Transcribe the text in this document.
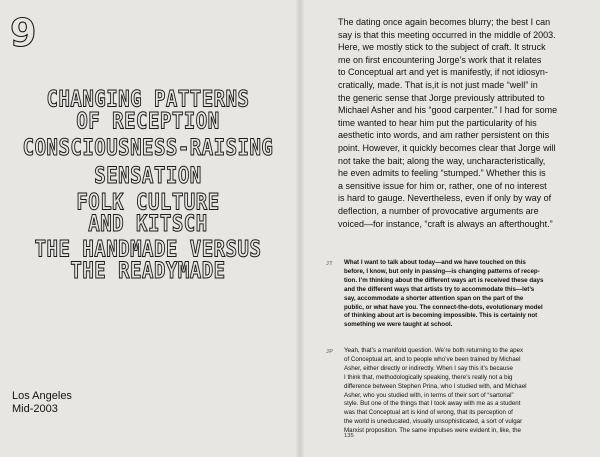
9
CHANGING PATTERNS
OF RECEPTION
CONSCIOUSNESS-RAISING
SENSATION
FOLK CULTURE
AND KITSCH
THE HANDMADE VERSUS
THE READYMADE
Los Angeles
Mid-2003
The dating once again becomes blurry; the best I can
say is that this meeting occurred in the middle of 2003.
Here, we mostly stick to the subject of craft. It struck
me on first encountering Jorge’s work that it relates
to Conceptual art and yet is manifestly, if not idiosyn-
cratically, made. That is,it is not just made “well” in
the generic sense that Jorge previously attributed to
Michael Asher and his “good carpenter.” I had for some
time wanted to hear him put the particularity of his
aesthetic into words, and am rather persistent on this
point. However, it quickly becomes clear that Jorge will
not take the bait; along the way, uncharacteristically,
he even admits to feeling “stumped.” Whether this is
a sensitive issue for him or, rather, one of no interest
is hard to gauge. Nevertheless, even if only by way of
deflection, a number of provocative arguments are
voiced—for instance, “craft is always an afterthought.”
JT What I want to talk about today—and we have touched on this
before, I know, but only in passing—is changing patterns of recep-
tion. I’m thinking about the different ways art is received these days
and the different ways that artists try to accommodate this—let’s
say, accommodate a shorter attention span on the part of the
public, or what have you. The connect-the-dots, evolutionary model
of thinking about art is becoming impossible. This is certainly not
something we were taught at school.
JP Yeah, that’s a manifold question. We’re both returning to the apex
of Conceptual art, and to people who’ve been trained by Michael
Asher, either directly or indirectly. When I say this it’s because
I think that, methodologically speaking, there’s really not a big
difference between Stephen Prina, who I studied with, and Michael
Asher, who you studied with, in terms of their sort of “sartorial”
style. But one of the things that I took away with me as a student
was that Conceptual art is kind of wrong, that its perception of
the world is uneducated, visually unsophisticated, a sort of vulgar
Marxist proposition. The same impulses were evident in, like, the
135
